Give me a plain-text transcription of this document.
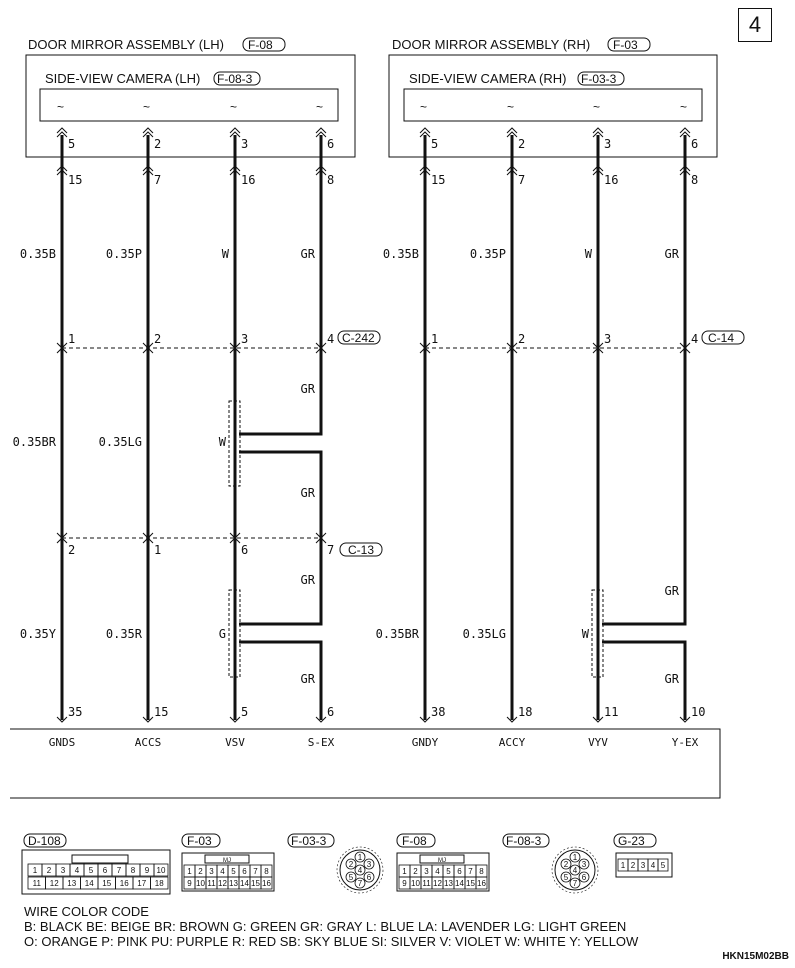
4
DOOR MIRROR ASSEMBLY (LH) F-08
SIDE-VIEW CAMERA (LH) F-08-3
~	~	~	~
5	2	3	6
15	7	16	8
1	2	3	4
2	1	6	7
35	15	5	6
0.35B	0.35P	W	GR
0.35BR	0.35LG	W
GR
GR
0.35Y	0.35R	G
GR
GR
C-242
C-13
GNDS	ACCS	VSV	S-EX
DOOR MIRROR ASSEMBLY (RH) F-03
SIDE-VIEW CAMERA (RH) F-03-3
~	~	~	~
5	2	3	6
15	7	16	8
1	2	3	4
38	18	11	10
0.35B	0.35P	W	GR
0.35BR	0.35LG	W
GR
GR
C-14
GNDY	ACCY	VYV	Y-EX
D-108
1 2 3 4 5 6 7 8 9 10
11 12 13 14 15 16 17 18
F-03
MJ
1 2 3 4 5 6 7 8
9 10 11 12 13 14 15 16
F-03-3
1
2 3
4
5 6
7
F-08
MJ
1 2 3 4 5 6 7 8
9 10 11 12 13 14 15 16
F-08-3
1
2 3
4
5 6
7
G-23
1 2 3 4 5
WIRE COLOR CODE
B: BLACK BE: BEIGE BR: BROWN G: GREEN GR: GRAY L: BLUE LA: LAVENDER LG: LIGHT GREEN
O: ORANGE P: PINK PU: PURPLE R: RED SB: SKY BLUE SI: SILVER V: VIOLET W: WHITE Y: YELLOW
HKN15M02BB
